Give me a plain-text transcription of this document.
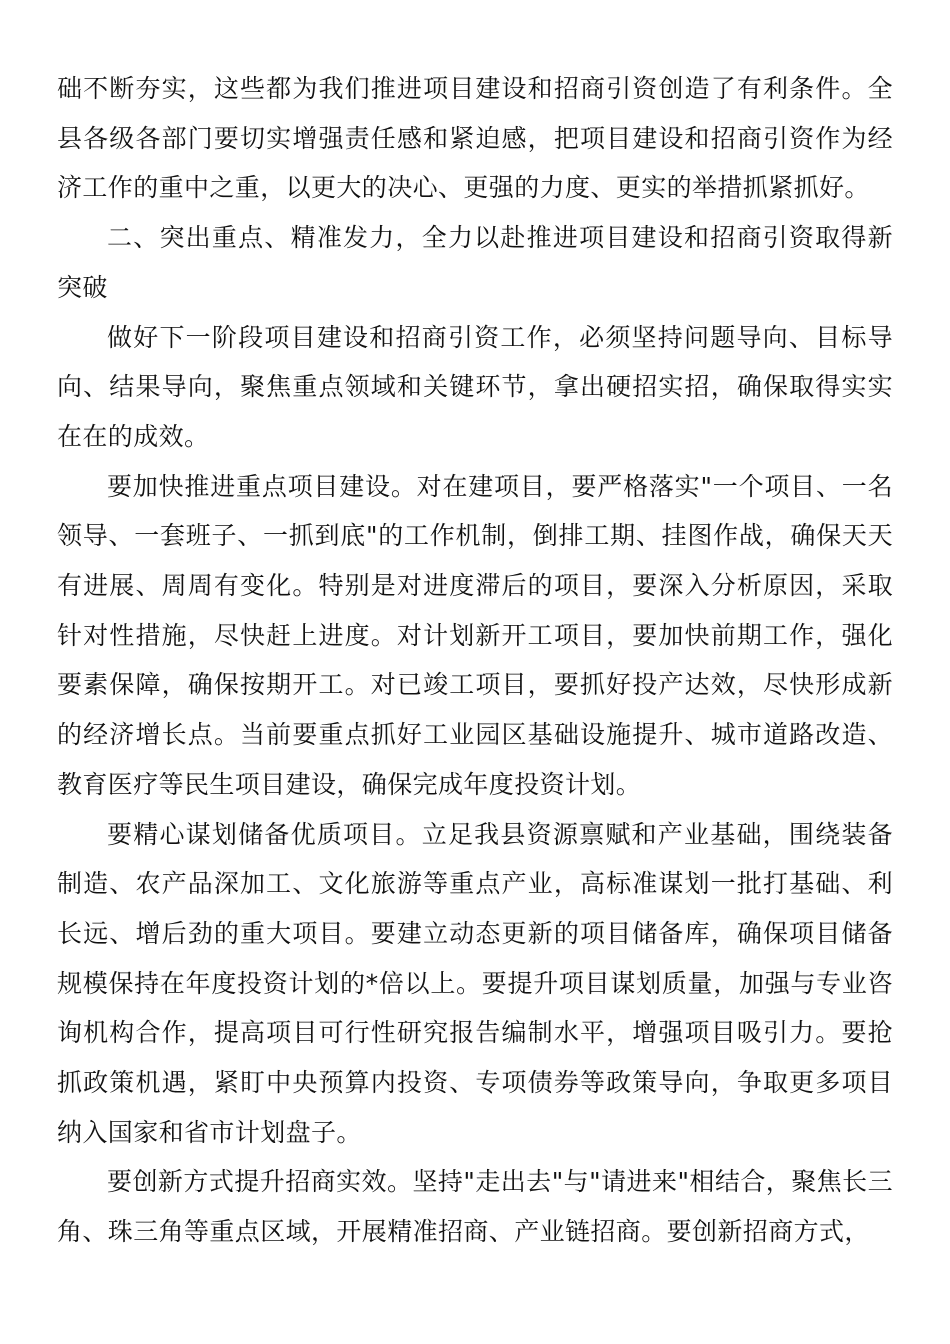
础不断夯实，这些都为我们推进项目建设和招商引资创造了有利条件。全县各级各部门要切实增强责任感和紧迫感，把项目建设和招商引资作为经济工作的重中之重，以更大的决心、更强的力度、更实的举措抓紧抓好。

二、突出重点、精准发力，全力以赴推进项目建设和招商引资取得新突破

做好下一阶段项目建设和招商引资工作，必须坚持问题导向、目标导向、结果导向，聚焦重点领域和关键环节，拿出硬招实招，确保取得实实在在的成效。

要加快推进重点项目建设。对在建项目，要严格落实"一个项目、一名领导、一套班子、一抓到底"的工作机制，倒排工期、挂图作战，确保天天有进展、周周有变化。特别是对进度滞后的项目，要深入分析原因，采取针对性措施，尽快赶上进度。对计划新开工项目，要加快前期工作，强化要素保障，确保按期开工。对已竣工项目，要抓好投产达效，尽快形成新的经济增长点。当前要重点抓好工业园区基础设施提升、城市道路改造、教育医疗等民生项目建设，确保完成年度投资计划。

要精心谋划储备优质项目。立足我县资源禀赋和产业基础，围绕装备制造、农产品深加工、文化旅游等重点产业，高标准谋划一批打基础、利长远、增后劲的重大项目。要建立动态更新的项目储备库，确保项目储备规模保持在年度投资计划的*倍以上。要提升项目谋划质量，加强与专业咨询机构合作，提高项目可行性研究报告编制水平，增强项目吸引力。要抢抓政策机遇，紧盯中央预算内投资、专项债券等政策导向，争取更多项目纳入国家和省市计划盘子。

要创新方式提升招商实效。坚持"走出去"与"请进来"相结合，聚焦长三角、珠三角等重点区域，开展精准招商、产业链招商。要创新招商方式，
